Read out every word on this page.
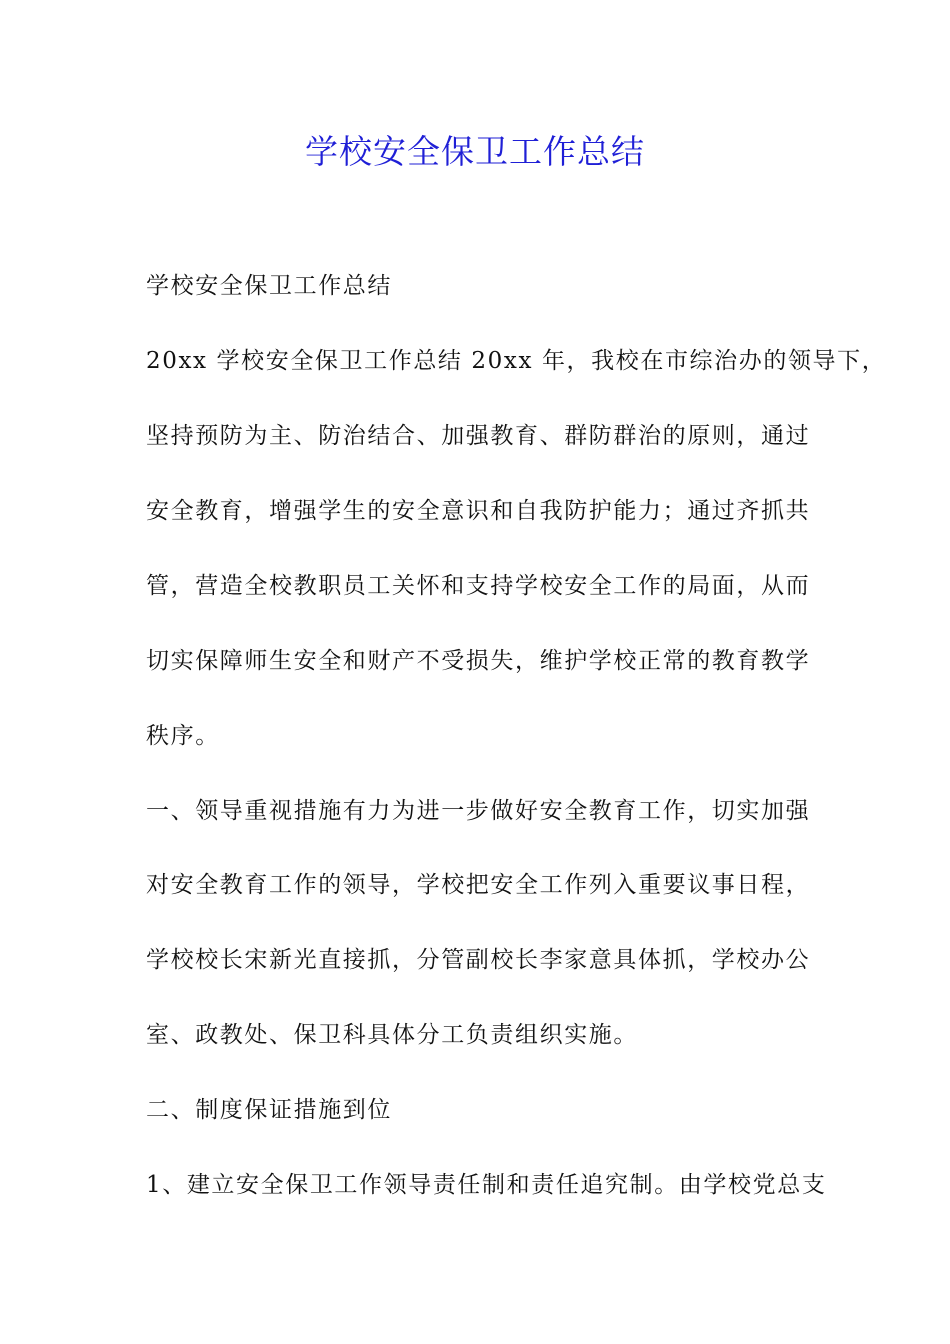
学校安全保卫工作总结
学校安全保卫工作总结
20xx 学校安全保卫工作总结 20xx 年，我校在市综治办的领导下，
坚持预防为主、防治结合、加强教育、群防群治的原则，通过
安全教育，增强学生的安全意识和自我防护能力；通过齐抓共
管，营造全校教职员工关怀和支持学校安全工作的局面，从而
切实保障师生安全和财产不受损失，维护学校正常的教育教学
秩序。
一、领导重视措施有力为进一步做好安全教育工作，切实加强
对安全教育工作的领导，学校把安全工作列入重要议事日程，
学校校长宋新光直接抓，分管副校长李家意具体抓，学校办公
室、政教处、保卫科具体分工负责组织实施。
二、制度保证措施到位
1、建立安全保卫工作领导责任制和责任追究制。由学校党总支
